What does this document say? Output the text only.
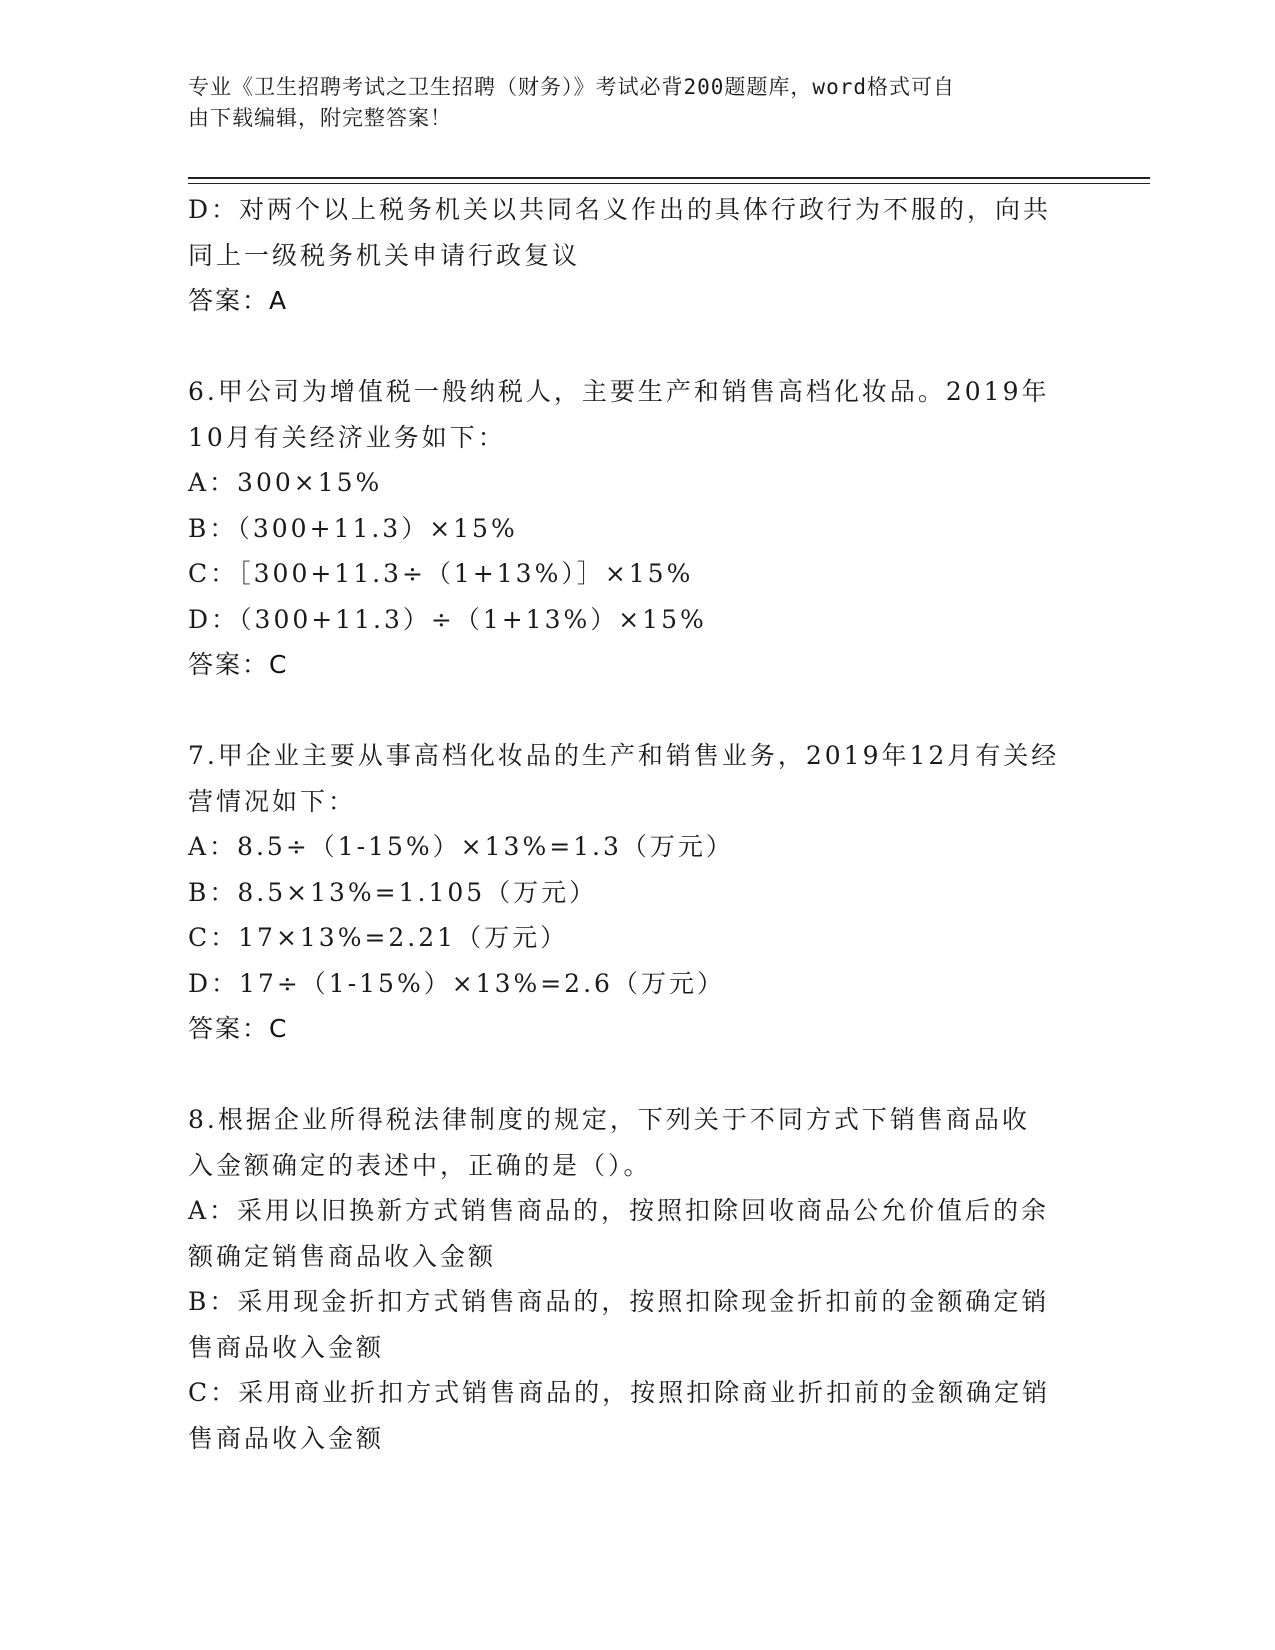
专业《卫生招聘考试之卫生招聘（财务）》考试必背200题题库，word格式可自
由下载编辑，附完整答案！
D：对两个以上税务机关以共同名义作出的具体行政行为不服的，向共
同上一级税务机关申请行政复议
答案：A
6.甲公司为增值税一般纳税人，主要生产和销售高档化妆品。2019年
10月有关经济业务如下：
A：300×15%
B：（300+11.3）×15%
C：［300+11.3÷（1+13%）］×15%
D：（300+11.3）÷（1+13%）×15%
答案：C
7.甲企业主要从事高档化妆品的生产和销售业务，2019年12月有关经
营情况如下：
A：8.5÷（1-15%）×13%=1.3（万元）
B：8.5×13%=1.105（万元）
C：17×13%=2.21（万元）
D：17÷（1-15%）×13%=2.6（万元）
答案：C
8.根据企业所得税法律制度的规定，下列关于不同方式下销售商品收
入金额确定的表述中，正确的是（）。
A：采用以旧换新方式销售商品的，按照扣除回收商品公允价值后的余
额确定销售商品收入金额
B：采用现金折扣方式销售商品的，按照扣除现金折扣前的金额确定销
售商品收入金额
C：采用商业折扣方式销售商品的，按照扣除商业折扣前的金额确定销
售商品收入金额
